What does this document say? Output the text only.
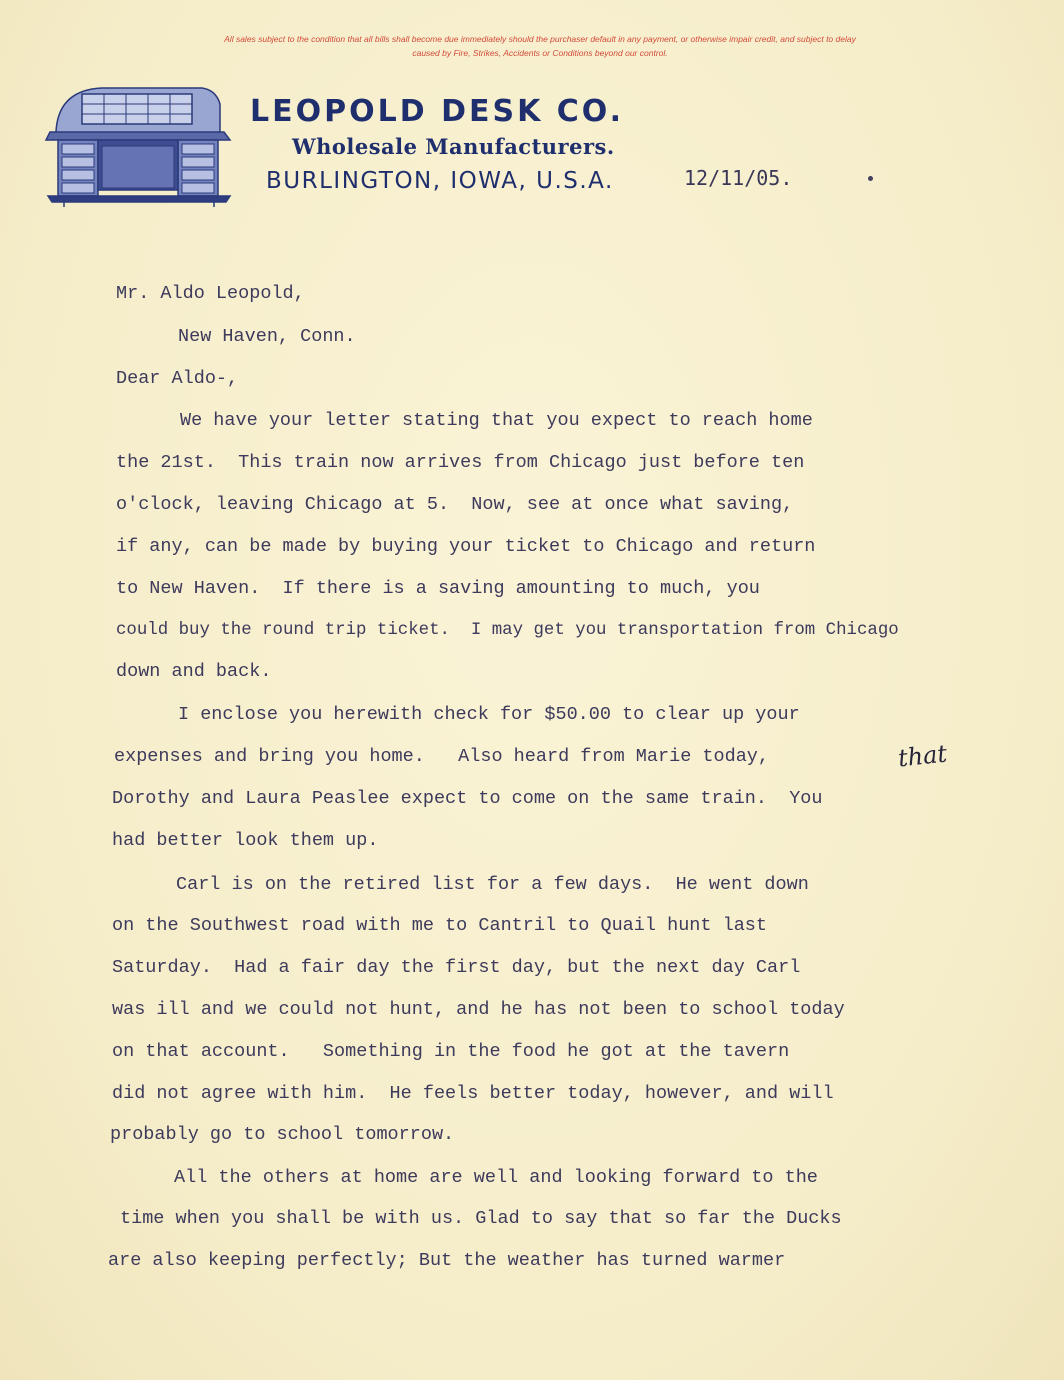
All sales subject to the condition that all bills shall become due immediately should the purchaser default in any payment, or otherwise impair credit, and subject to delay
caused by Fire, Strikes, Accidents or Conditions beyond our control.
LEOPOLD DESK CO.
Wholesale Manufacturers.
BURLINGTON, IOWA, U.S.A.	12/11/05.
Mr. Aldo Leopold,
New Haven, Conn.
Dear Aldo-,
We have your letter stating that you expect to reach home
the 21st.  This train now arrives from Chicago just before ten
o'clock, leaving Chicago at 5.  Now, see at once what saving,
if any, can be made by buying your ticket to Chicago and return
to New Haven.  If there is a saving amounting to much, you
could buy the round trip ticket.  I may get you transportation from Chicago
down and back.
I enclose you herewith check for $50.00 to clear up your
expenses and bring you home.   Also heard from Marie today,	that
Dorothy and Laura Peaslee expect to come on the same train.  You
had better look them up.
Carl is on the retired list for a few days.  He went down
on the Southwest road with me to Cantril to Quail hunt last
Saturday.  Had a fair day the first day, but the next day Carl
was ill and we could not hunt, and he has not been to school today
on that account.   Something in the food he got at the tavern
did not agree with him.  He feels better today, however, and will
probably go to school tomorrow.
All the others at home are well and looking forward to the
time when you shall be with us. Glad to say that so far the Ducks
are also keeping perfectly; But the weather has turned warmer
